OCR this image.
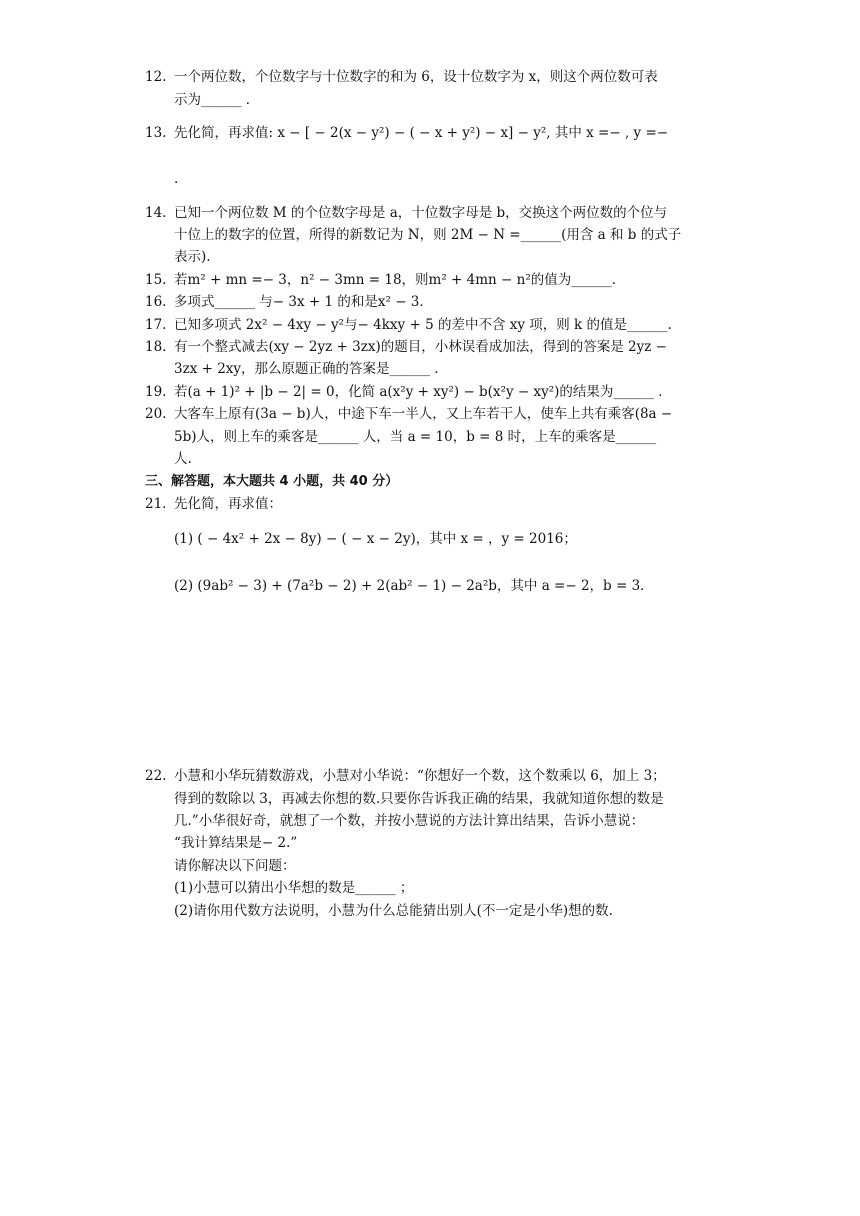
12. 一个两位数，个位数字与十位数字的和为 6，设十位数字为 x，则这个两位数可表
示为______ ．
13. 先化简，再求值: x − [ − 2(x − y²) − ( − x + y²) − x] − y², 其中 x =− , y =−
.
14. 已知一个两位数 M 的个位数字母是 a，十位数字母是 b，交换这个两位数的个位与
十位上的数字的位置，所得的新数记为 N，则 2M − N =______(用含 a 和 b 的式子
表示).
15. 若m² + mn =− 3，n² − 3mn = 18，则m² + 4mn − n²的值为______.
16. 多项式______ 与− 3x + 1 的和是x² − 3．
17. 已知多项式 2x² − 4xy − y²与− 4kxy + 5 的差中不含 xy 项，则 k 的值是______.
18. 有一个整式减去(xy − 2yz + 3zx)的题目，小林误看成加法，得到的答案是 2yz −
3zx + 2xy，那么原题正确的答案是______ ．
19. 若(a + 1)² + |b − 2| = 0，化简 a(x²y + xy²) − b(x²y − xy²)的结果为______ ．
20. 大客车上原有(3a − b)人，中途下车一半人，又上车若干人，使车上共有乘客(8a −
5b)人，则上车的乘客是______ 人，当 a = 10，b = 8 时，上车的乘客是______
人.
三、解答题，本大题共 4 小题，共 40 分）
21. 先化简，再求值：
(1) ( − 4x² + 2x − 8y) − ( − x − 2y)，其中 x = ，y = 2016；
(2) (9ab² − 3) + (7a²b − 2) + 2(ab² − 1) − 2a²b，其中 a =− 2，b = 3．
22. 小慧和小华玩猜数游戏，小慧对小华说：“你想好一个数，这个数乘以 6，加上 3；
得到的数除以 3，再减去你想的数.只要你告诉我正确的结果，我就知道你想的数是
几.”小华很好奇，就想了一个数，并按小慧说的方法计算出结果，告诉小慧说：
“我计算结果是− 2.”
请你解决以下问题：
(1)小慧可以猜出小华想的数是______ ；
(2)请你用代数方法说明，小慧为什么总能猜出别人(不一定是小华)想的数.
